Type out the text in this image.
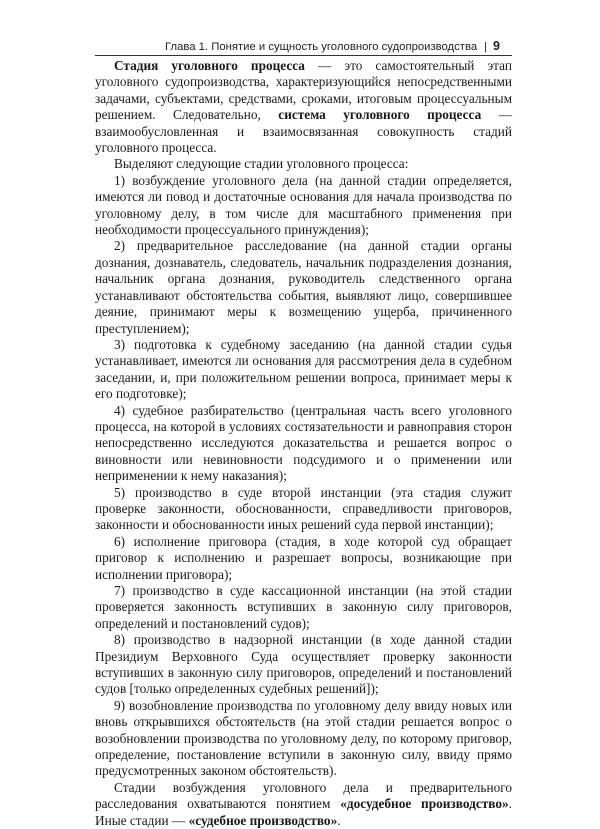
Глава 1. Понятие и сущность уголовного судопроизводства | 9

Стадия уголовного процесса — это самостоятельный этап уголовного судопроизводства, характеризующийся непосредственными задачами, субъектами, средствами, сроками, итоговым процессуальным решением. Следовательно, система уголовного процесса — взаимообусловленная и взаимосвязанная совокупность стадий уголовного процесса.

Выделяют следующие стадии уголовного процесса:

1) возбуждение уголовного дела (на данной стадии определяется, имеются ли повод и достаточные основания для начала производства по уголовному делу, в том числе для масштабного применения при необходимости процессуального принуждения);

2) предварительное расследование (на данной стадии органы дознания, дознаватель, следователь, начальник подразделения дознания, начальник органа дознания, руководитель следственного органа устанавливают обстоятельства события, выявляют лицо, совершившее деяние, принимают меры к возмещению ущерба, причиненного преступлением);

3) подготовка к судебному заседанию (на данной стадии судья устанавливает, имеются ли основания для рассмотрения дела в судебном заседании, и, при положительном решении вопроса, принимает меры к его подготовке);

4) судебное разбирательство (центральная часть всего уголовного процесса, на которой в условиях состязательности и равноправия сторон непосредственно исследуются доказательства и решается вопрос о виновности или невиновности подсудимого и о применении или неприменении к нему наказания);

5) производство в суде второй инстанции (эта стадия служит проверке законности, обоснованности, справедливости приговоров, законности и обоснованности иных решений суда первой инстанции);

6) исполнение приговора (стадия, в ходе которой суд обращает приговор к исполнению и разрешает вопросы, возникающие при исполнении приговора);

7) производство в суде кассационной инстанции (на этой стадии проверяется законность вступивших в законную силу приговоров, определений и постановлений судов);

8) производство в надзорной инстанции (в ходе данной стадии Президиум Верховного Суда осуществляет проверку законности вступивших в законную силу приговоров, определений и постановлений судов [только определенных судебных решений]);

9) возобновление производства по уголовному делу ввиду новых или вновь открывшихся обстоятельств (на этой стадии решается вопрос о возобновлении производства по уголовному делу, по которому приговор, определение, постановление вступили в законную силу, ввиду прямо предусмотренных законом обстоятельств).

Стадии возбуждения уголовного дела и предварительного расследования охватываются понятием «досудебное производство». Иные стадии — «судебное производство».
